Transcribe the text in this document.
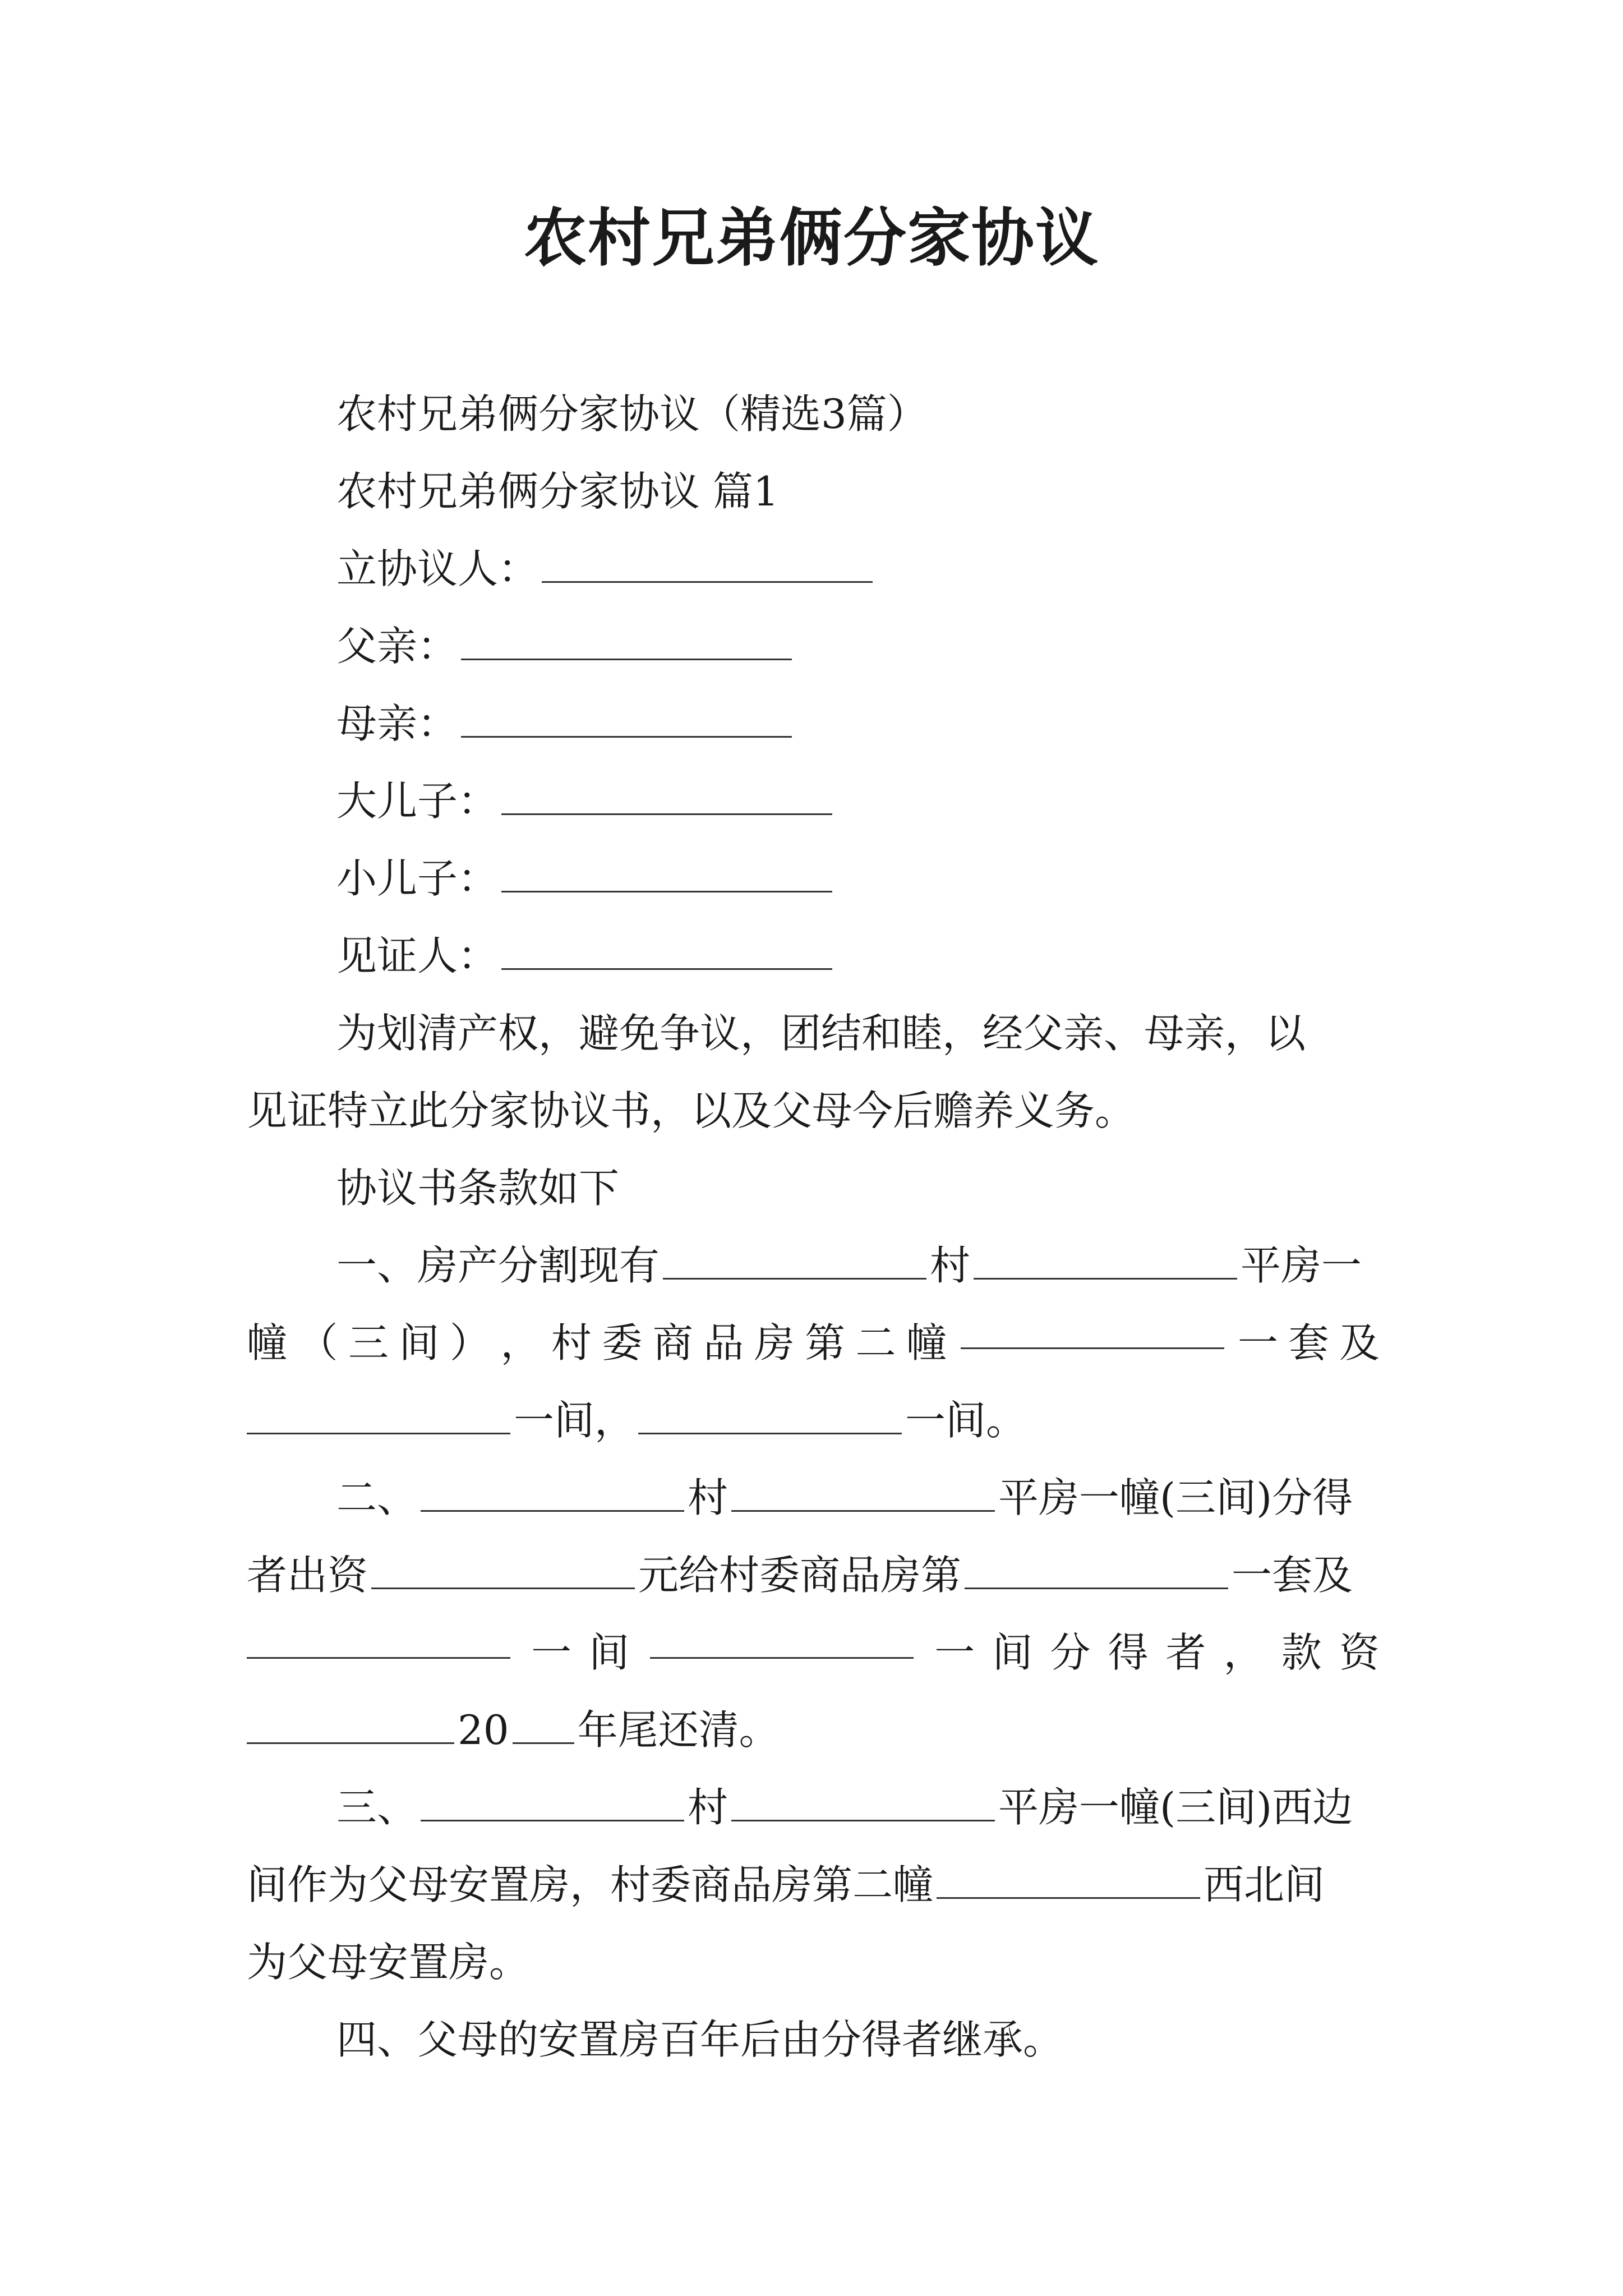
农村兄弟俩分家协议
农村兄弟俩分家协议（精选3篇）
农村兄弟俩分家协议 篇1
立协议人：
父亲：
母亲：
大儿子：
小儿子：
见证人：
为划清产权，避免争议，团结和睦，经父亲、母亲，以
见证特立此分家协议书，以及父母今后赡养义务。
协议书条款如下
一、房产分割现有	村	平房一
幢 （ 三 间 ） ， 村 委 商 品 房 第 二 幢	一 套 及
一间，	一间。
二、	村	平房一幢(三间)分得
者出资	元给村委商品房第	一套及
一 间	一 间 分 得 者 ， 款 资
20 年尾还清。
三、	村	平房一幢(三间)西边
间作为父母安置房，村委商品房第二幢	西北间
为父母安置房。
四、父母的安置房百年后由分得者继承。
